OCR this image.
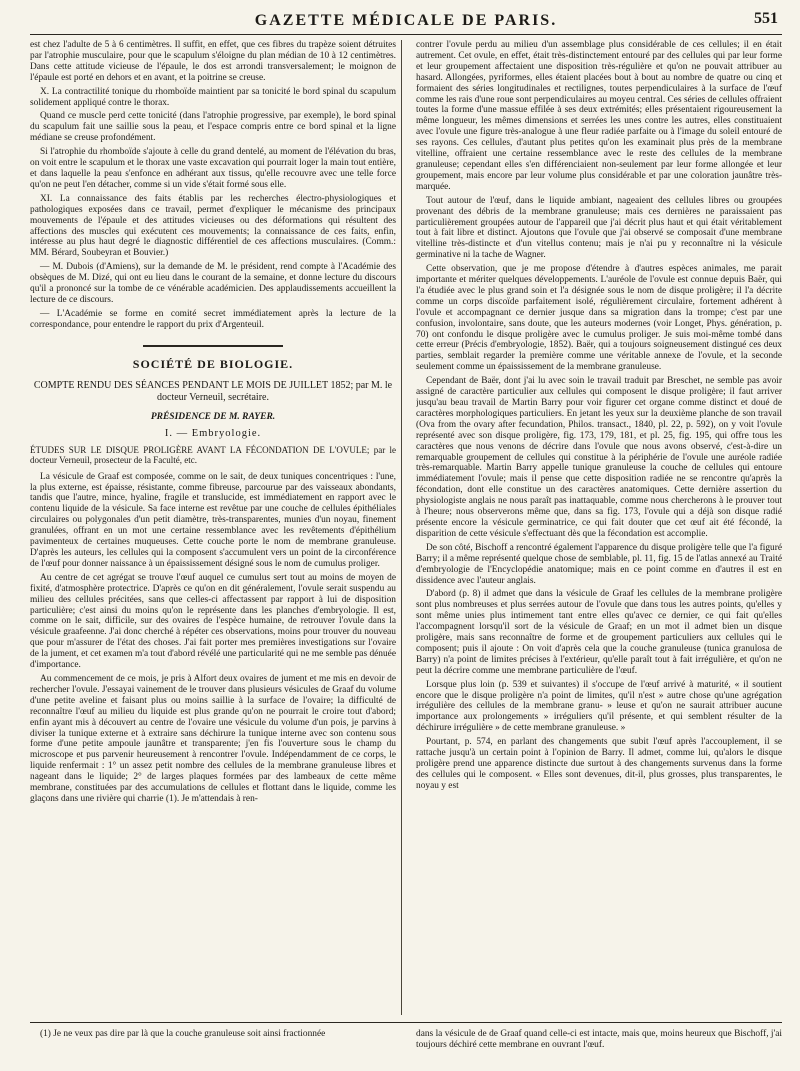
GAZETTE MÉDICALE DE PARIS.	551

est chez l'adulte de 5 à 6 centimètres. Il suffit, en effet, que ces fibres du trapèze soient détruites par l'atrophie musculaire, pour que le scapulum s'éloigne du plan médian de 10 à 12 centimètres. Dans cette attitude vicieuse de l'épaule, le dos est arrondi transversalement; le moignon de l'épaule est porté en dehors et en avant, et la poitrine se creuse.

X. La contractilité tonique du rhomboïde maintient par sa tonicité le bord spinal du scapulum solidement appliqué contre le thorax.

Quand ce muscle perd cette tonicité (dans l'atrophie progressive, par exemple), le bord spinal du scapulum fait une saillie sous la peau, et l'espace compris entre ce bord spinal et la ligne médiane se creuse profondément.

Si l'atrophie du rhomboïde s'ajoute à celle du grand dentelé, au moment de l'élévation du bras, on voit entre le scapulum et le thorax une vaste excavation qui pourrait loger la main tout entière, et dans laquelle la peau s'enfonce en adhérant aux tissus, qu'elle recouvre avec une telle force qu'on ne peut l'en détacher, comme si un vide s'était formé sous elle.

XI. La connaissance des faits établis par les recherches électro-physiologiques et pathologiques exposées dans ce travail, permet d'expliquer le mécanisme des principaux mouvements de l'épaule et des attitudes vicieuses ou des déformations qui résultent des affections des muscles qui exécutent ces mouvements; la connaissance de ces faits, enfin, intéresse au plus haut degré le diagnostic différentiel de ces affections musculaires. (Comm.: MM. Bérard, Soubeyran et Bouvier.)

— M. Dubois (d'Amiens), sur la demande de M. le président, rend compte à l'Académie des obsèques de M. Dizé, qui ont eu lieu dans le courant de la semaine, et donne lecture du discours qu'il a prononcé sur la tombe de ce vénérable académicien. Des applaudissements accueillent la lecture de ce discours.

— L'Académie se forme en comité secret immédiatement après la lecture de la correspondance, pour entendre le rapport du prix d'Argenteuil.

SOCIÉTÉ DE BIOLOGIE.
COMPTE RENDU DES SÉANCES PENDANT LE MOIS DE JUILLET 1852; par M. le docteur Verneuil, secrétaire.
PRÉSIDENCE DE M. RAYER.
I. — Embryologie.
ÉTUDES SUR LE DISQUE PROLIGÈRE AVANT LA FÉCONDATION DE L'OVULE; par le docteur Verneuil, prosecteur de la Faculté, etc.

La vésicule de Graaf est composée, comme on le sait, de deux tuniques concentriques : l'une, la plus externe, est épaisse, résistante, comme fibreuse, parcourue par des vaisseaux abondants, tandis que l'autre, mince, hyaline, fragile et translucide, est immédiatement en rapport avec le contenu liquide de la vésicule. Sa face interne est revêtue par une couche de cellules épithéliales circulaires ou polygonales d'un petit diamètre, très-transparentes, munies d'un noyau, finement granulées, offrant en un mot une certaine ressemblance avec les revêtements d'épithélium pavimenteux de certaines muqueuses. Cette couche porte le nom de membrane granuleuse. D'après les auteurs, les cellules qui la composent s'accumulent vers un point de la circonférence de l'œuf pour donner naissance à un épaississement désigné sous le nom de cumulus proliger.

Au centre de cet agrégat se trouve l'œuf auquel ce cumulus sert tout au moins de moyen de fixité, d'atmosphère protectrice. D'après ce qu'on en dit généralement, l'ovule serait suspendu au milieu des cellules précitées, sans que celles-ci affectassent par rapport à lui de disposition particulière; c'est ainsi du moins qu'on le représente dans les planches d'embryologie. Il est, comme on le sait, difficile, sur des ovaires de l'espèce humaine, de retrouver l'ovule dans la vésicule graafeenne. J'ai donc cherché à répéter ces observations, moins pour trouver du nouveau que pour m'assurer de l'état des choses. J'ai fait porter mes premières investigations sur l'ovaire de la jument, et cet examen m'a tout d'abord révélé une particularité qui ne me semble pas dénuée d'importance.

Au commencement de ce mois, je pris à Alfort deux ovaires de jument et me mis en devoir de rechercher l'ovule. J'essayai vainement de le trouver dans plusieurs vésicules de Graaf du volume d'une petite aveline et faisant plus ou moins saillie à la surface de l'ovaire; la difficulté de reconnaître l'œuf au milieu du liquide est plus grande qu'on ne pourrait le croire tout d'abord; enfin ayant mis à découvert au centre de l'ovaire une vésicule du volume d'un pois, je parvins à diviser la tunique externe et à extraire sans déchirure la tunique interne avec son contenu sous forme d'une petite ampoule jaunâtre et transparente; j'en fis l'ouverture sous le champ du microscope et pus parvenir heureusement à rencontrer l'ovule. Indépendamment de ce corps, le liquide renfermait : 1° un assez petit nombre des cellules de la membrane granuleuse libres et nageant dans le liquide; 2° de larges plaques formées par des lambeaux de cette même membrane, constituées par des accumulations de cellules et flottant dans le liquide, comme les glaçons dans une rivière qui charrie (1). Je m'attendais à ren-

contrer l'ovule perdu au milieu d'un assemblage plus considérable de ces cellules; il en était autrement. Cet ovule, en effet, était très-distinctement entouré par des cellules qui par leur forme et leur groupement affectaient une disposition très-régulière et qu'on ne pouvait attribuer au hasard. Allongées, pyriformes, elles étaient placées bout à bout au nombre de quatre ou cinq et formaient des séries longitudinales et rectilignes, toutes perpendiculaires à la surface de l'œuf comme les rais d'une roue sont perpendiculaires au moyeu central. Ces séries de cellules offraient toutes la forme d'une massue effilée à ses deux extrémités; elles présentaient rigoureusement la même longueur, les mêmes dimensions et serrées les unes contre les autres, elles constituaient avec l'ovule une figure très-analogue à une fleur radiée parfaite ou à l'image du soleil entouré de ses rayons. Ces cellules, d'autant plus petites qu'on les examinait plus près de la membrane vitelline, offraient une certaine ressemblance avec le reste des cellules de la membrane granuleuse; cependant elles s'en différenciaient non-seulement par leur forme allongée et leur groupement, mais encore par leur volume plus considérable et par une coloration jaunâtre très-marquée.

Tout autour de l'œuf, dans le liquide ambiant, nageaient des cellules libres ou groupées provenant des débris de la membrane granuleuse; mais ces dernières ne paraissaient pas particulièrement groupées autour de l'appareil que j'ai décrit plus haut et qui était véritablement tout à fait libre et distinct. Ajoutons que l'ovule que j'ai observé se composait d'une membrane vitelline très-distincte et d'un vitellus contenu; mais je n'ai pu y reconnaître ni la vésicule germinative ni la tache de Wagner.

Cette observation, que je me propose d'étendre à d'autres espèces animales, me parait importante et mériter quelques développements. L'auréole de l'ovule est connue depuis Baër, qui l'a étudiée avec le plus grand soin et l'a désignée sous le nom de disque proligère; il l'a décrite comme un corps discoïde parfaitement isolé, régulièrement circulaire, fortement adhérent à l'ovule et accompagnant ce dernier jusque dans sa migration dans la trompe; c'est par une confusion, involontaire, sans doute, que les auteurs modernes (voir Longet, Phys. génération, p. 70) ont confondu le disque proligère avec le cumulus proliger. Je suis moi-même tombé dans cette erreur (Précis d'embryologie, 1852). Baër, qui a toujours soigneusement distingué ces deux parties, semblait regarder la première comme une véritable annexe de l'ovule, et la seconde seulement comme un épaississement de la membrane granuleuse.

Cependant de Baër, dont j'ai lu avec soin le travail traduit par Breschet, ne semble pas avoir assigné de caractère particulier aux cellules qui composent le disque proligère; il faut arriver jusqu'au beau travail de Martin Barry pour voir figurer cet organe comme distinct et doué de caractères morphologiques particuliers. En jetant les yeux sur la deuxième planche de son travail (Ova from the ovary after fecundation, Philos. transact., 1840, pl. 22, p. 592), on y voit l'ovule représenté avec son disque proligère, fig. 173, 179, 181, et pl. 25, fig. 195, qui offre tous les caractères que nous venons de décrire dans l'ovule que nous avons observé, c'est-à-dire un remarquable groupement de cellules qui constitue à la périphérie de l'ovule une auréole radiée très-remarquable. Martin Barry appelle tunique granuleuse la couche de cellules qui entoure immédiatement l'ovule; mais il pense que cette disposition radiée ne se rencontre qu'après la fécondation, dont elle constitue un des caractères anatomiques. Cette dernière assertion du physiologiste anglais ne nous paraît pas inattaquable, comme nous chercherons à le prouver tout à l'heure; nous observerons même que, dans sa fig. 173, l'ovule qui a déjà son disque radié présente encore la vésicule germinatrice, ce qui fait douter que cet œuf ait été fécondé, la disparition de cette vésicule s'effectuant dès que la fécondation est accomplie.

De son côté, Bischoff a rencontré également l'apparence du disque proligère telle que l'a figuré Barry; il a même représenté quelque chose de semblable, pl. 11, fig. 15 de l'atlas annexé au Traité d'embryologie de l'Encyclopédie anatomique; mais en ce point comme en d'autres il est en dissidence avec l'auteur anglais.

D'abord (p. 8) il admet que dans la vésicule de Graaf les cellules de la membrane proligère sont plus nombreuses et plus serrées autour de l'ovule que dans tous les autres points, qu'elles y sont même unies plus intimement tant entre elles qu'avec ce dernier, ce qui fait qu'elles l'accompagnent lorsqu'il sort de la vésicule de Graaf; en un mot il admet bien un disque proligère, mais sans reconnaître de forme et de groupement particuliers aux cellules qui le composent; puis il ajoute : On voit d'après cela que la couche granuleuse (tunica granulosa de Barry) n'a point de limites précises à l'extérieur, qu'elle paraît tout à fait irrégulière, et qu'on ne peut la décrire comme une membrane particulière de l'œuf.

Lorsque plus loin (p. 539 et suivantes) il s'occupe de l'œuf arrivé à maturité, « il soutient encore que le disque proligère n'a point de limites, qu'il n'est » autre chose qu'une agrégation irrégulière des cellules de la membrane granu- » leuse et qu'on ne saurait attribuer aucune importance aux prolongements » irréguliers qu'il présente, et qui semblent résulter de la déchirure irrégulière » de cette membrane granuleuse. »

Pourtant, p. 574, en parlant des changements que subit l'œuf après l'accouplement, il se rattache jusqu'à un certain point à l'opinion de Barry. Il admet, comme lui, qu'alors le disque proligère prend une apparence distincte due surtout à des changements survenus dans la forme des cellules qui le composent. « Elles sont devenues, dit-il, plus grosses, plus transparentes, le noyau y est

(1) Je ne veux pas dire par là que la couche granuleuse soit ainsi fractionnée	dans la vésicule de de Graaf quand celle-ci est intacte, mais que, moins heureux que Bischoff, j'ai toujours déchiré cette membrane en ouvrant l'œuf.
